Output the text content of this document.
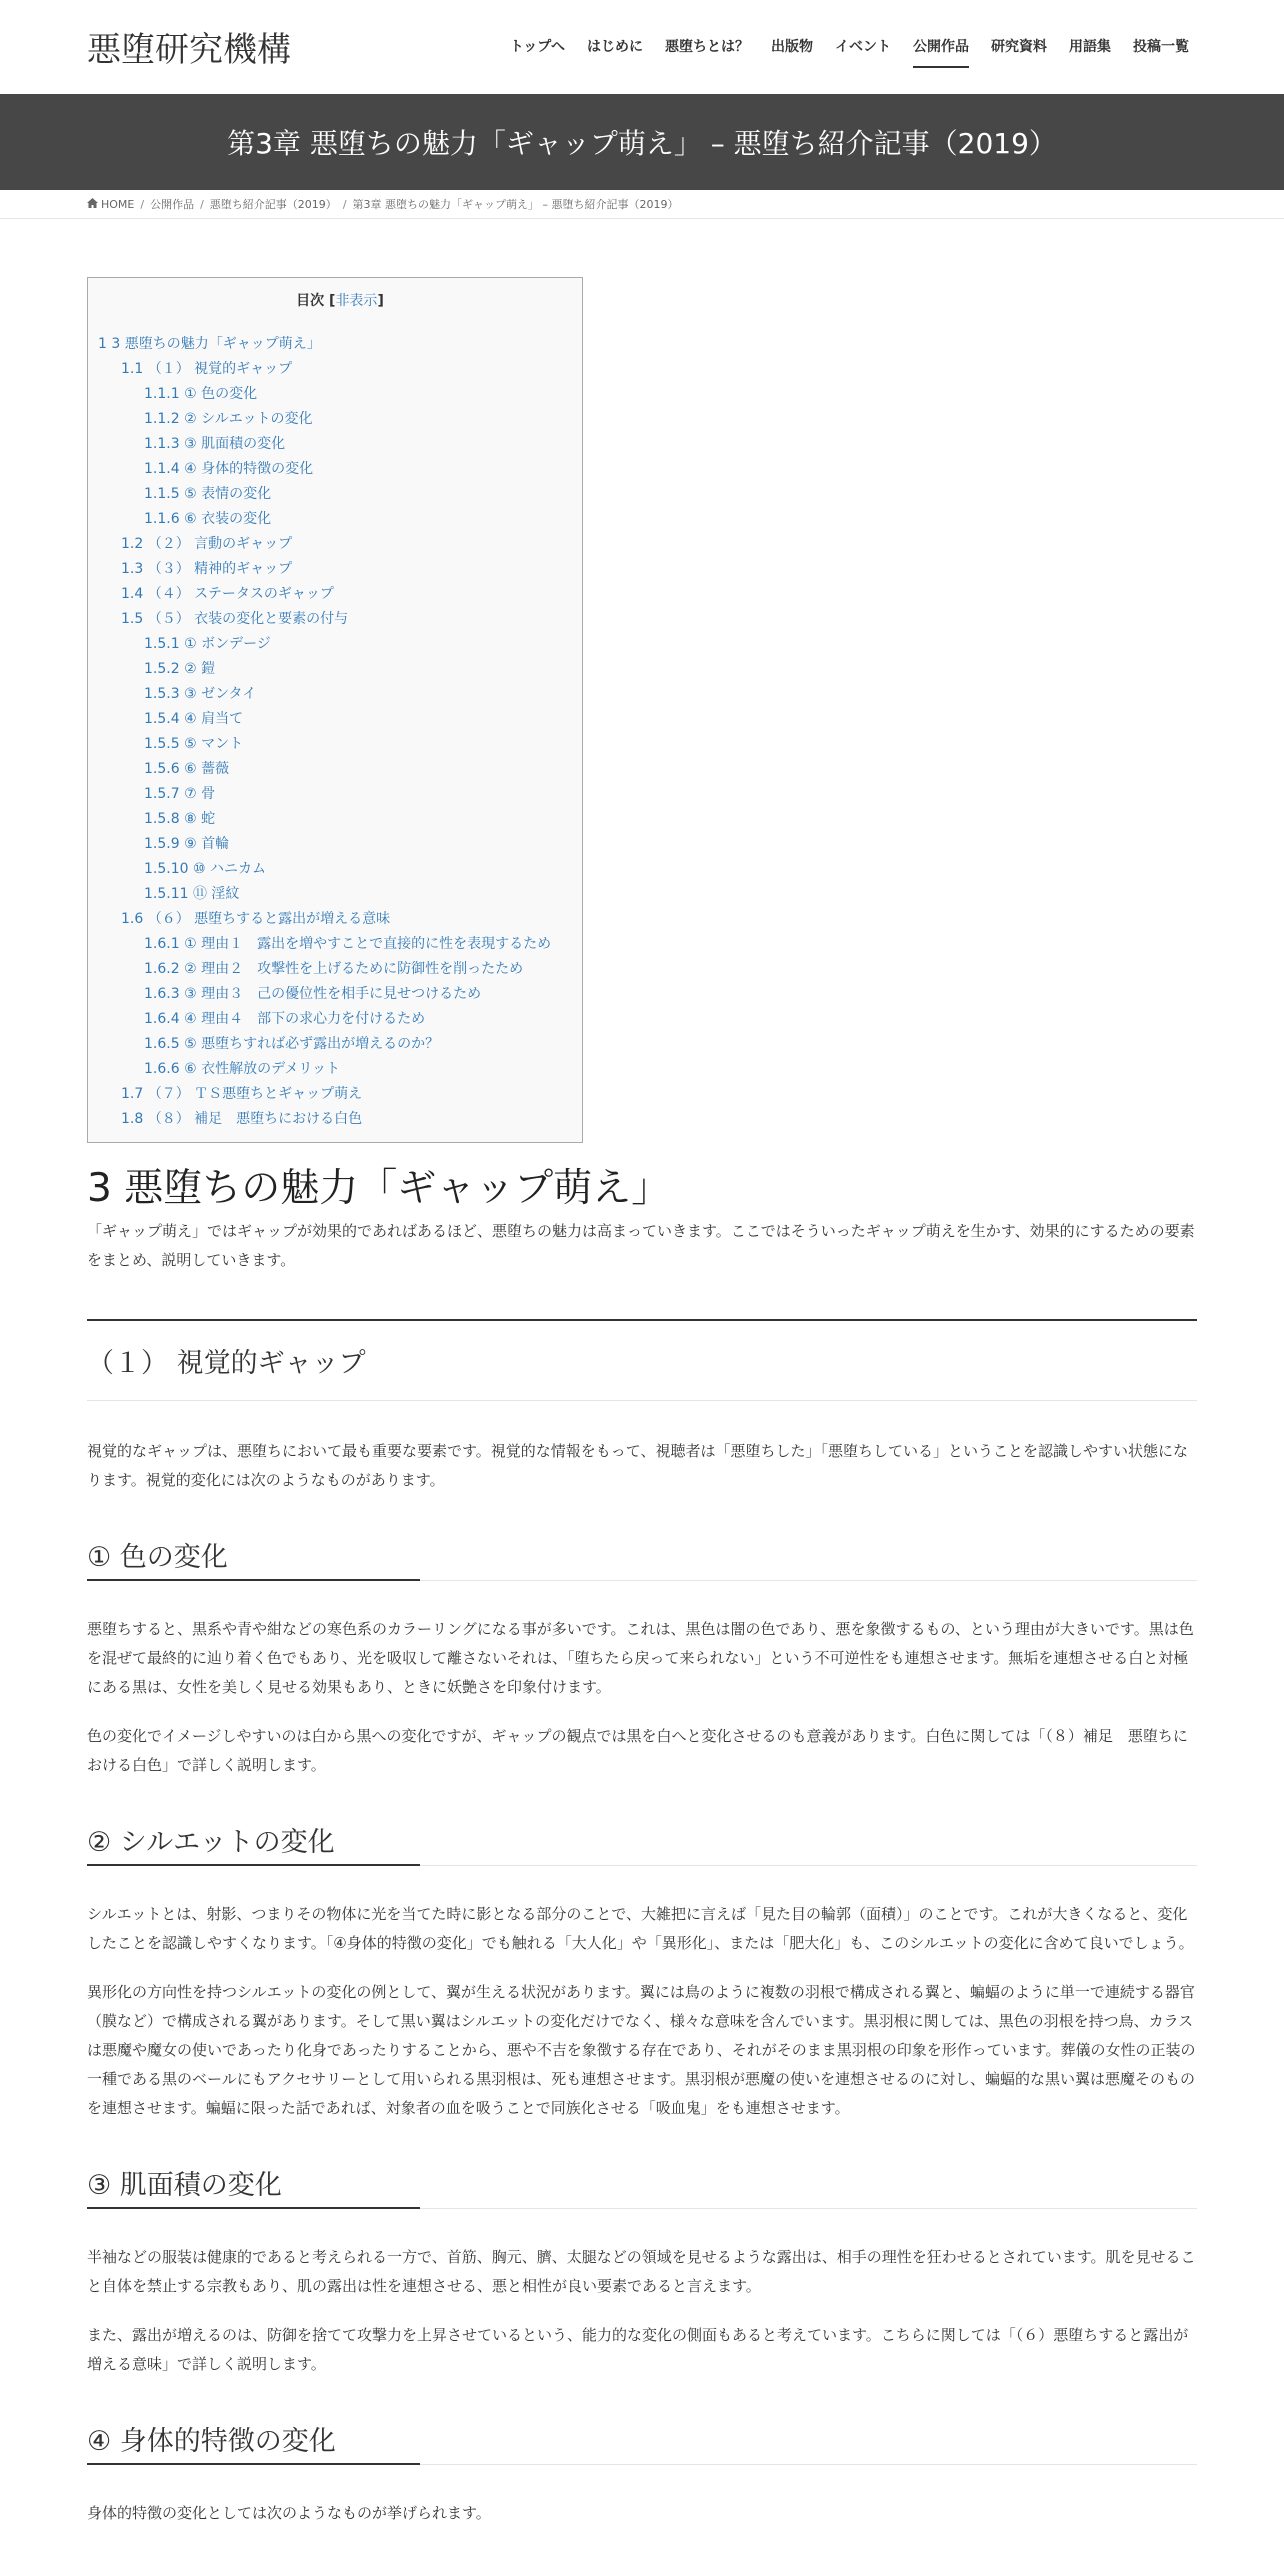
悪堕研究機構	トップへ はじめに 悪堕ちとは？ 出版物 イベント 公開作品 研究資料 用語集 投稿一覧
第3章 悪堕ちの魅力「ギャップ萌え」 – 悪堕ち紹介記事（2019）
HOME / 公開作品 / 悪堕ち紹介記事（2019） / 第3章 悪堕ちの魅力「ギャップ萌え」 – 悪堕ち紹介記事（2019）
目次 [非表示]
1 3 悪堕ちの魅力「ギャップ萌え」
1.1 （１） 視覚的ギャップ
1.1.1 ① 色の変化
1.1.2 ② シルエットの変化
1.1.3 ③ 肌面積の変化
1.1.4 ④ 身体的特徴の変化
1.1.5 ⑤ 表情の変化
1.1.6 ⑥ 衣装の変化
1.2 （２） 言動のギャップ
1.3 （３） 精神的ギャップ
1.4 （４） ステータスのギャップ
1.5 （５） 衣装の変化と要素の付与
1.5.1 ① ボンデージ
1.5.2 ② 鎧
1.5.3 ③ ゼンタイ
1.5.4 ④ 肩当て
1.5.5 ⑤ マント
1.5.6 ⑥ 薔薇
1.5.7 ⑦ 骨
1.5.8 ⑧ 蛇
1.5.9 ⑨ 首輪
1.5.10 ⑩ ハニカム
1.5.11 ⑪ 淫紋
1.6 （６） 悪堕ちすると露出が増える意味
1.6.1 ① 理由１　露出を増やすことで直接的に性を表現するため
1.6.2 ② 理由２　攻撃性を上げるために防御性を削ったため
1.6.3 ③ 理由３　己の優位性を相手に見せつけるため
1.6.4 ④ 理由４　部下の求心力を付けるため
1.6.5 ⑤ 悪堕ちすれば必ず露出が増えるのか？
1.6.6 ⑥ 衣性解放のデメリット
1.7 （７） ＴＳ悪堕ちとギャップ萌え
1.8 （８） 補足　悪堕ちにおける白色
3 悪堕ちの魅力「ギャップ萌え」

「ギャップ萌え」ではギャップが効果的であればあるほど、悪堕ちの魅力は高まっていきます。ここではそういったギャップ萌えを生かす、効果的にするための要素をまとめ、説明していきます。

（１） 視覚的ギャップ

視覚的なギャップは、悪堕ちにおいて最も重要な要素です。視覚的な情報をもって、視聴者は「悪堕ちした」「悪堕ちしている」ということを認識しやすい状態になります。視覚的変化には次のようなものがあります。

① 色の変化

悪堕ちすると、黒系や青や紺などの寒色系のカラーリングになる事が多いです。これは、黒色は闇の色であり、悪を象徴するもの、という理由が大きいです。黒は色を混ぜて最終的に辿り着く色でもあり、光を吸収して離さないそれは、「堕ちたら戻って来られない」という不可逆性をも連想させます。無垢を連想させる白と対極にある黒は、女性を美しく見せる効果もあり、ときに妖艶さを印象付けます。

色の変化でイメージしやすいのは白から黒への変化ですが、ギャップの観点では黒を白へと変化させるのも意義があります。白色に関しては「（８）補足　悪堕ちにおける白色」で詳しく説明します。

② シルエットの変化

シルエットとは、射影、つまりその物体に光を当てた時に影となる部分のことで、大雑把に言えば「見た目の輪郭（面積）」のことです。これが大きくなると、変化したことを認識しやすくなります。「④身体的特徴の変化」でも触れる「大人化」や「異形化」、または「肥大化」も、このシルエットの変化に含めて良いでしょう。

異形化の方向性を持つシルエットの変化の例として、翼が生える状況があります。翼には鳥のように複数の羽根で構成される翼と、蝙蝠のように単一で連続する器官（膜など）で構成される翼があります。そして黒い翼はシルエットの変化だけでなく、様々な意味を含んでいます。黒羽根に関しては、黒色の羽根を持つ鳥、カラスは悪魔や魔女の使いであったり化身であったりすることから、悪や不吉を象徴する存在であり、それがそのまま黒羽根の印象を形作っています。葬儀の女性の正装の一種である黒のベールにもアクセサリーとして用いられる黒羽根は、死も連想させます。黒羽根が悪魔の使いを連想させるのに対し、蝙蝠的な黒い翼は悪魔そのものを連想させます。蝙蝠に限った話であれば、対象者の血を吸うことで同族化させる「吸血鬼」をも連想させます。

③ 肌面積の変化

半袖などの服装は健康的であると考えられる一方で、首筋、胸元、臍、太腿などの領域を見せるような露出は、相手の理性を狂わせるとされています。肌を見せること自体を禁止する宗教もあり、肌の露出は性を連想させる、悪と相性が良い要素であると言えます。

また、露出が増えるのは、防御を捨てて攻撃力を上昇させているという、能力的な変化の側面もあると考えています。こちらに関しては「（６）悪堕ちすると露出が増える意味」で詳しく説明します。

④ 身体的特徴の変化

身体的特徴の変化としては次のようなものが挙げられます。
